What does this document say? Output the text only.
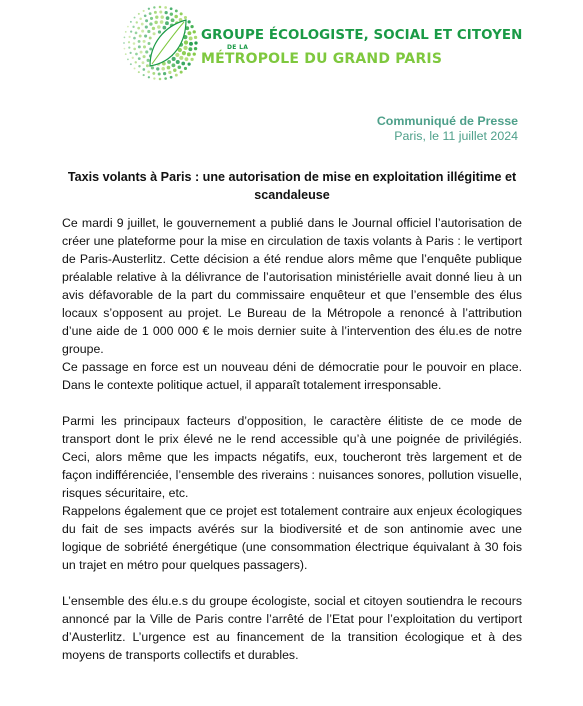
GROUPE ÉCOLOGISTE, SOCIAL ET CITOYEN
DE LA
MÉTROPOLE DU GRAND PARIS
Communiqué de Presse
Paris, le 11 juillet 2024
Taxis volants à Paris : une autorisation de mise en exploitation illégitime et scandaleuse

Ce mardi 9 juillet, le gouvernement a publié dans le Journal officiel l’autorisation de créer une plateforme pour la mise en circulation de taxis volants à Paris : le vertiport de Paris-Austerlitz. Cette décision a été rendue alors même que l’enquête publique préalable relative à la délivrance de l’autorisation ministérielle avait donné lieu à un avis défavorable de la part du commissaire enquêteur et que l’ensemble des élus locaux s’opposent au projet. Le Bureau de la Métropole a renoncé à l’attribution d’une aide de 1 000 000 € le mois dernier suite à l’intervention des élu.es de notre groupe.

Ce passage en force est un nouveau déni de démocratie pour le pouvoir en place. Dans le contexte politique actuel, il apparaît totalement irresponsable.

Parmi les principaux facteurs d’opposition, le caractère élitiste de ce mode de transport dont le prix élevé ne le rend accessible qu’à une poignée de privilégiés. Ceci, alors même que les impacts négatifs, eux, toucheront très largement et de façon indifférenciée, l’ensemble des riverains : nuisances sonores, pollution visuelle, risques sécuritaire, etc.

Rappelons également que ce projet est totalement contraire aux enjeux écologiques du fait de ses impacts avérés sur la biodiversité et de son antinomie avec une logique de sobriété énergétique (une consommation électrique équivalant à 30 fois un trajet en métro pour quelques passagers).

L’ensemble des élu.e.s du groupe écologiste, social et citoyen soutiendra le recours annoncé par la Ville de Paris contre l’arrêté de l’Etat pour l’exploitation du vertiport d’Austerlitz. L’urgence est au financement de la transition écologique et à des moyens de transports collectifs et durables.
